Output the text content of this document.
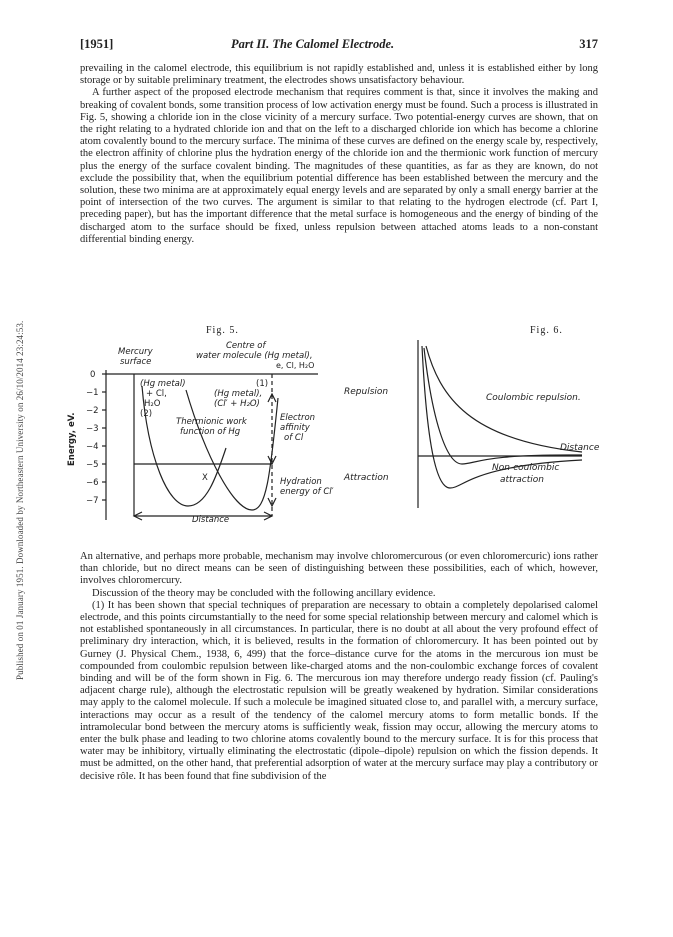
Published on 01 January 1951. Downloaded by Northeastern University on 26/10/2014 23:24:53.
[1951]	Part II. The Calomel Electrode.	317

prevailing in the calomel electrode, this equilibrium is not rapidly established and, unless it is established either by long storage or by suitable preliminary treatment, the electrodes shows unsatisfactory behaviour.

A further aspect of the proposed electrode mechanism that requires comment is that, since it involves the making and breaking of covalent bonds, some transition process of low activation energy must be found. Such a process is illustrated in Fig. 5, showing a chloride ion in the close vicinity of a mercury surface. Two potential-energy curves are shown, that on the right relating to a hydrated chloride ion and that on the left to a discharged chloride ion which has become a chlorine atom covalently bound to the mercury surface. The minima of these curves are defined on the energy scale by, respectively, the electron affinity of chlorine plus the hydration energy of the chloride ion and the thermionic work function of mercury plus the energy of the surface covalent binding. The magnitudes of these quantities, as far as they are known, do not exclude the possibility that, when the equilibrium potential difference has been established between the mercury and the solution, these two minima are at approximately equal energy levels and are separated by only a small energy barrier at the point of intersection of the two curves. The argument is similar to that relating to the hydrogen electrode (cf. Part I, preceding paper), but has the important difference that the metal surface is homogeneous and the energy of binding of the discharged atom to the surface should be fixed, unless repulsion between attached atoms leads to a non-constant differential binding energy.

Fig. 5.	Fig. 6.
Mercury
surface
Centre of
water molecule (Hg metal),
e, Cl, H₂O
(Hg metal)
+ Cl,
H₂O
(2)
(Hg metal),
(Cl′ + H₂O)
(1)
Thermionic work
function of Hg
Electron
affinity
of Cl
Hydration
energy of Cl′
X
Distance
0
−1
−2
−3
−4
−5
−6
−7
Energy, eV.
Repulsion
Attraction
Coulombic repulsion.
Distance
Non-coulombic
attraction

An alternative, and perhaps more probable, mechanism may involve chloromercurous (or even chloromercuric) ions rather than chloride, but no direct means can be seen of distinguishing between these possibilities, each of which, however, involves chloromercury.

Discussion of the theory may be concluded with the following ancillary evidence.

(1) It has been shown that special techniques of preparation are necessary to obtain a completely depolarised calomel electrode, and this points circumstantially to the need for some special relationship between mercury and calomel which is not established spontaneously in all circumstances. In particular, there is no doubt at all about the very profound effect of preliminary dry interaction, which, it is believed, results in the formation of chloromercury. It has been pointed out by Gurney (J. Physical Chem., 1938, 6, 499) that the force–distance curve for the atoms in the mercurous ion must be compounded from coulombic repulsion between like-charged atoms and the non-coulombic exchange forces of covalent binding and will be of the form shown in Fig. 6. The mercurous ion may therefore undergo ready fission (cf. Pauling's adjacent charge rule), although the electrostatic repulsion will be greatly weakened by hydration. Similar considerations may apply to the calomel molecule. If such a molecule be imagined situated close to, and parallel with, a mercury surface, interactions may occur as a result of the tendency of the calomel mercury atoms to form metallic bonds. If the intramolecular bond between the mercury atoms is sufficiently weak, fission may occur, allowing the mercury atoms to enter the bulk phase and leading to two chlorine atoms covalently bound to the mercury surface. It is for this process that water may be inhibitory, virtually eliminating the electrostatic (dipole–dipole) repulsion on which the fission depends. It must be admitted, on the other hand, that preferential adsorption of water at the mercury surface may play a contributory or decisive rôle. It has been found that fine subdivision of the
